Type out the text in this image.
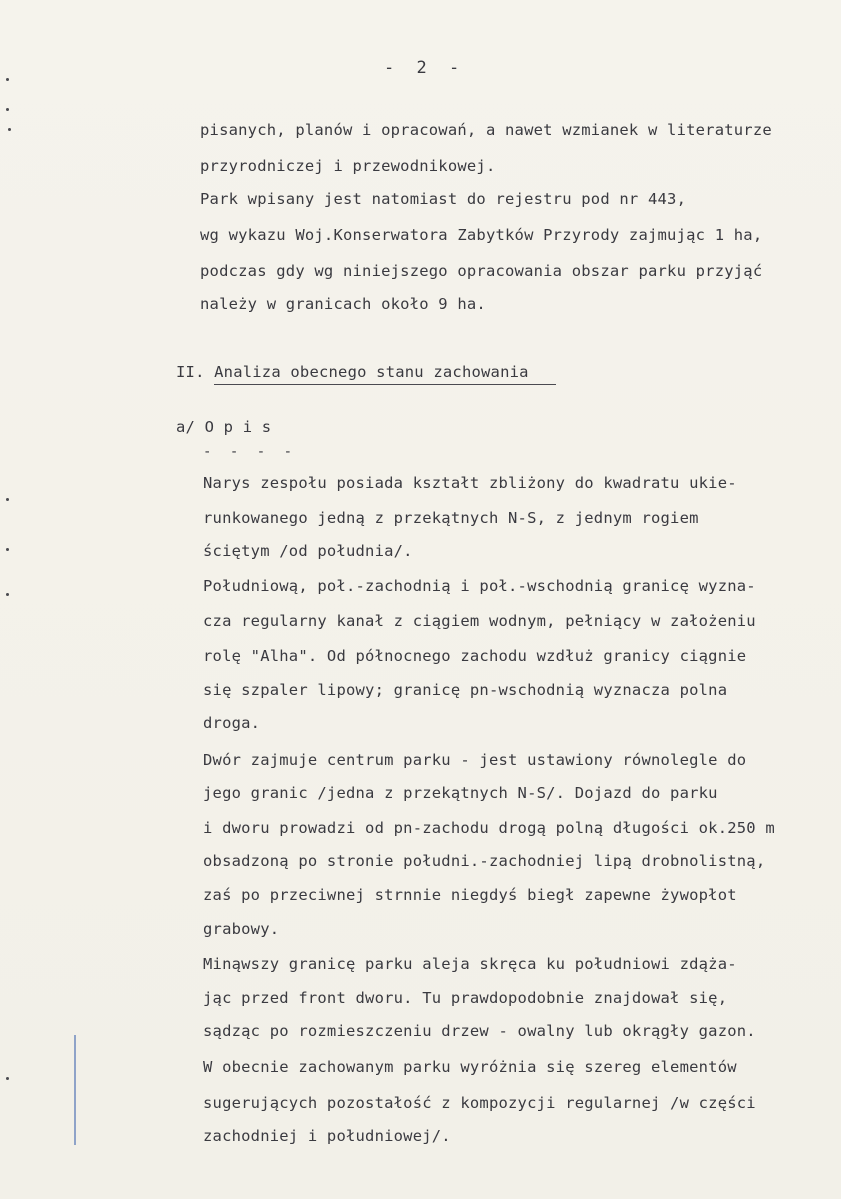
- 2 -
pisanych, planów i opracowań, a nawet wzmianek w literaturze
przyrodniczej i przewodnikowej.
Park wpisany jest natomiast do rejestru pod nr 443,
wg wykazu Woj.Konserwatora Zabytków Przyrody zajmując 1 ha,
podczas gdy wg niniejszego opracowania obszar parku przyjąć
należy w granicach około 9 ha.
II. Analiza obecnego stanu zachowania
a/ O p i s
- - - -
Narys zespołu posiada kształt zbliżony do kwadratu ukie-
runkowanego jedną z przekątnych N-S, z jednym rogiem
ściętym /od południa/.
Południową, poł.-zachodnią i poł.-wschodnią granicę wyzna-
cza regularny kanał z ciągiem wodnym, pełniący w założeniu
rolę "Alha". Od północnego zachodu wzdłuż granicy ciągnie
się szpaler lipowy; granicę pn-wschodnią wyznacza polna
droga.
Dwór zajmuje centrum parku - jest ustawiony równolegle do
jego granic /jedna z przekątnych N-S/. Dojazd do parku
i dworu prowadzi od pn-zachodu drogą polną długości ok.250 m
obsadzoną po stronie południ.-zachodniej lipą drobnolistną,
zaś po przeciwnej strnnie niegdyś biegł zapewne żywopłot
grabowy.
Minąwszy granicę parku aleja skręca ku południowi zdąża-
jąc przed front dworu. Tu prawdopodobnie znajdował się,
sądząc po rozmieszczeniu drzew - owalny lub okrągły gazon.
W obecnie zachowanym parku wyróżnia się szereg elementów
sugerujących pozostałość z kompozycji regularnej /w części
zachodniej i południowej/.
